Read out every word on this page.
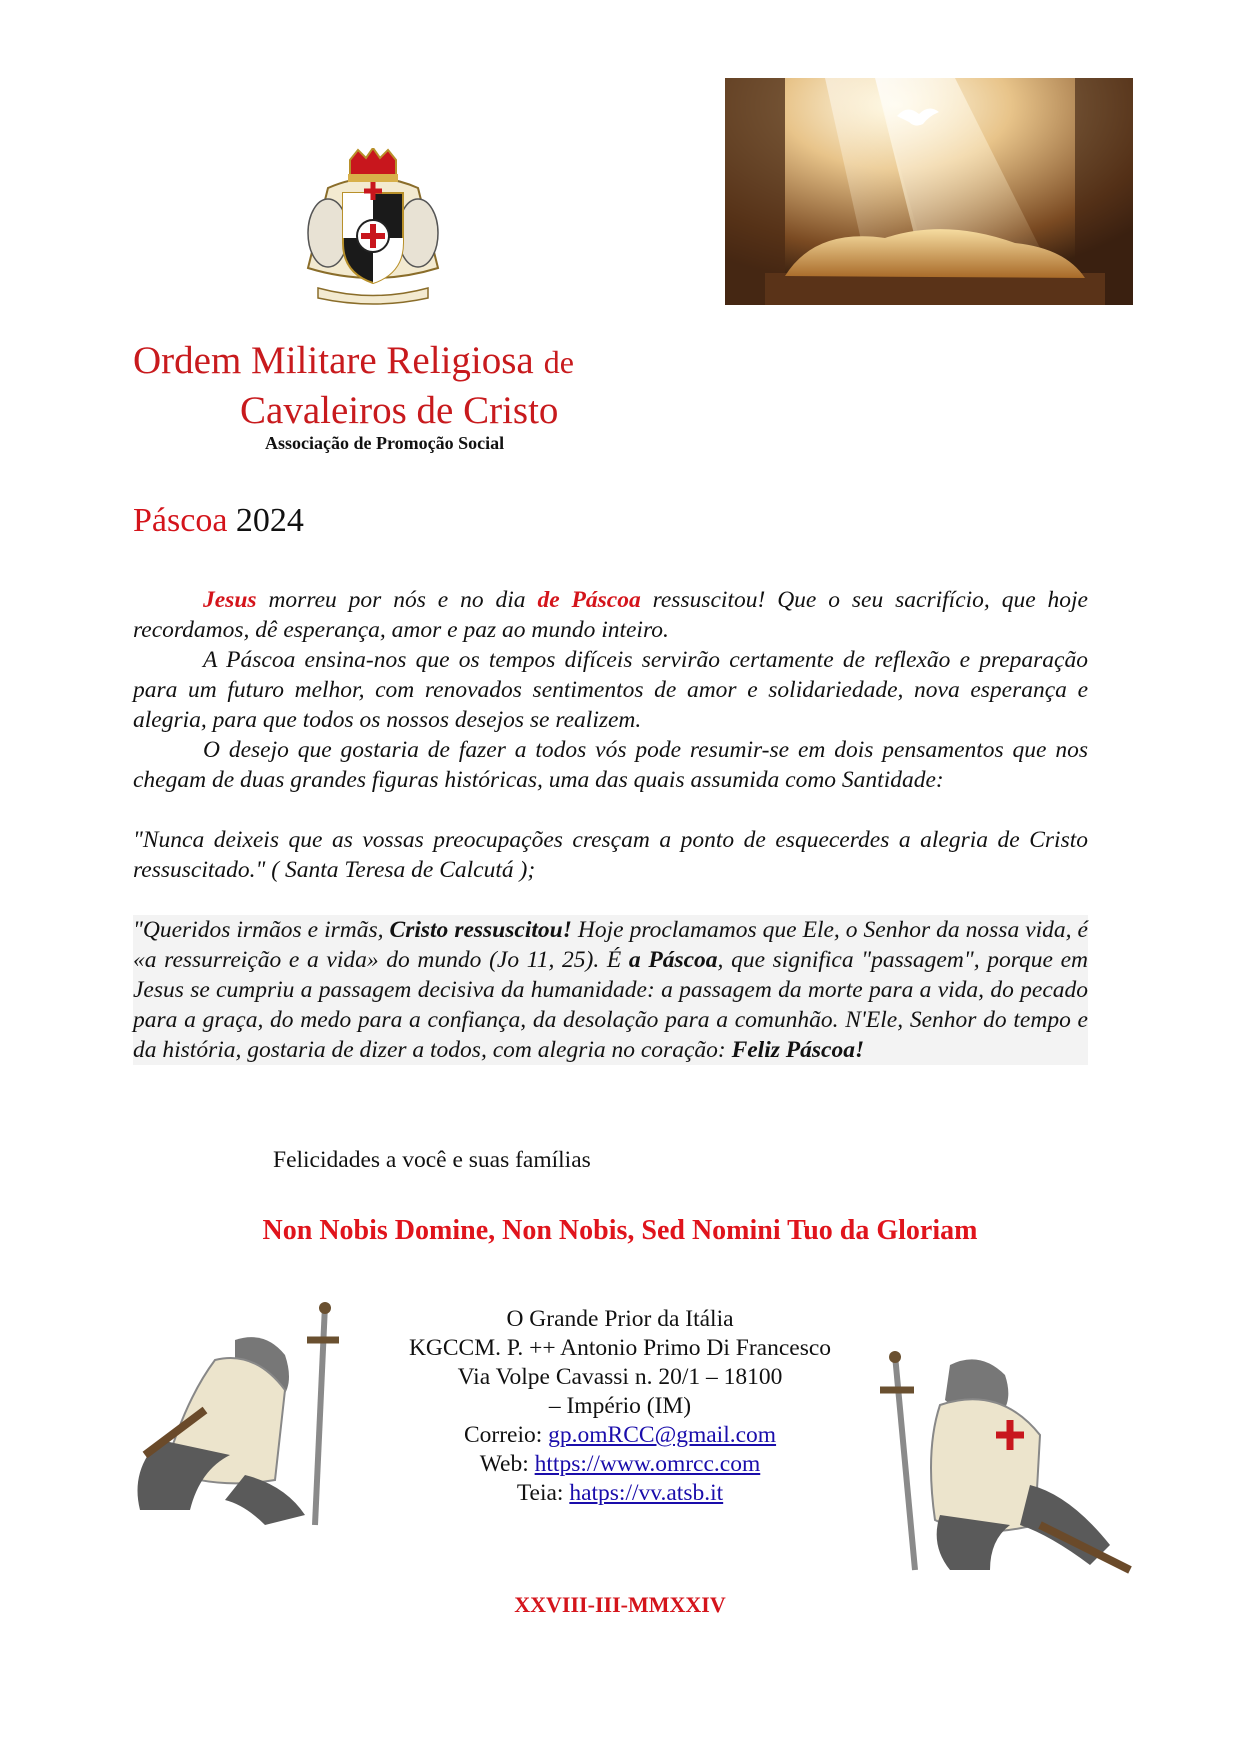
Ordem Militare Religiosa de
Cavaleiros de Cristo
Associação de Promoção Social
Páscoa 2024

Jesus morreu por nós e no dia de Páscoa ressuscitou! Que o seu sacrifício, que hoje recordamos, dê esperança, amor e paz ao mundo inteiro.

A Páscoa ensina-nos que os tempos difíceis servirão certamente de reflexão e preparação para um futuro melhor, com renovados sentimentos de amor e solidariedade, nova esperança e alegria, para que todos os nossos desejos se realizem.

O desejo que gostaria de fazer a todos vós pode resumir-se em dois pensamentos que nos chegam de duas grandes figuras históricas, uma das quais assumida como Santidade:

"Nunca deixeis que as vossas preocupações cresçam a ponto de esquecerdes a alegria de Cristo ressuscitado." ( Santa Teresa de Calcutá );

"Queridos irmãos e irmãs, Cristo ressuscitou! Hoje proclamamos que Ele, o Senhor da nossa vida, é «a ressurreição e a vida» do mundo (Jo 11, 25). É a Páscoa, que significa "passagem", porque em Jesus se cumpriu a passagem decisiva da humanidade: a passagem da morte para a vida, do pecado para a graça, do medo para a confiança, da desolação para a comunhão. N'Ele, Senhor do tempo e da história, gostaria de dizer a todos, com alegria no coração: Feliz Páscoa!

Felicidades a você e suas famílias
Non Nobis Domine, Non Nobis, Sed Nomini Tuo da Gloriam
O Grande Prior da Itália
KGCCM. P. ++ Antonio Primo Di Francesco
Via Volpe Cavassi n. 20/1 – 18100
– Império (IM)
Correio: gp.omRCC@gmail.com
Web: https://www.omrcc.com
Teia: hatps://vv.atsb.it
XXVIII-III-MMXXIV
